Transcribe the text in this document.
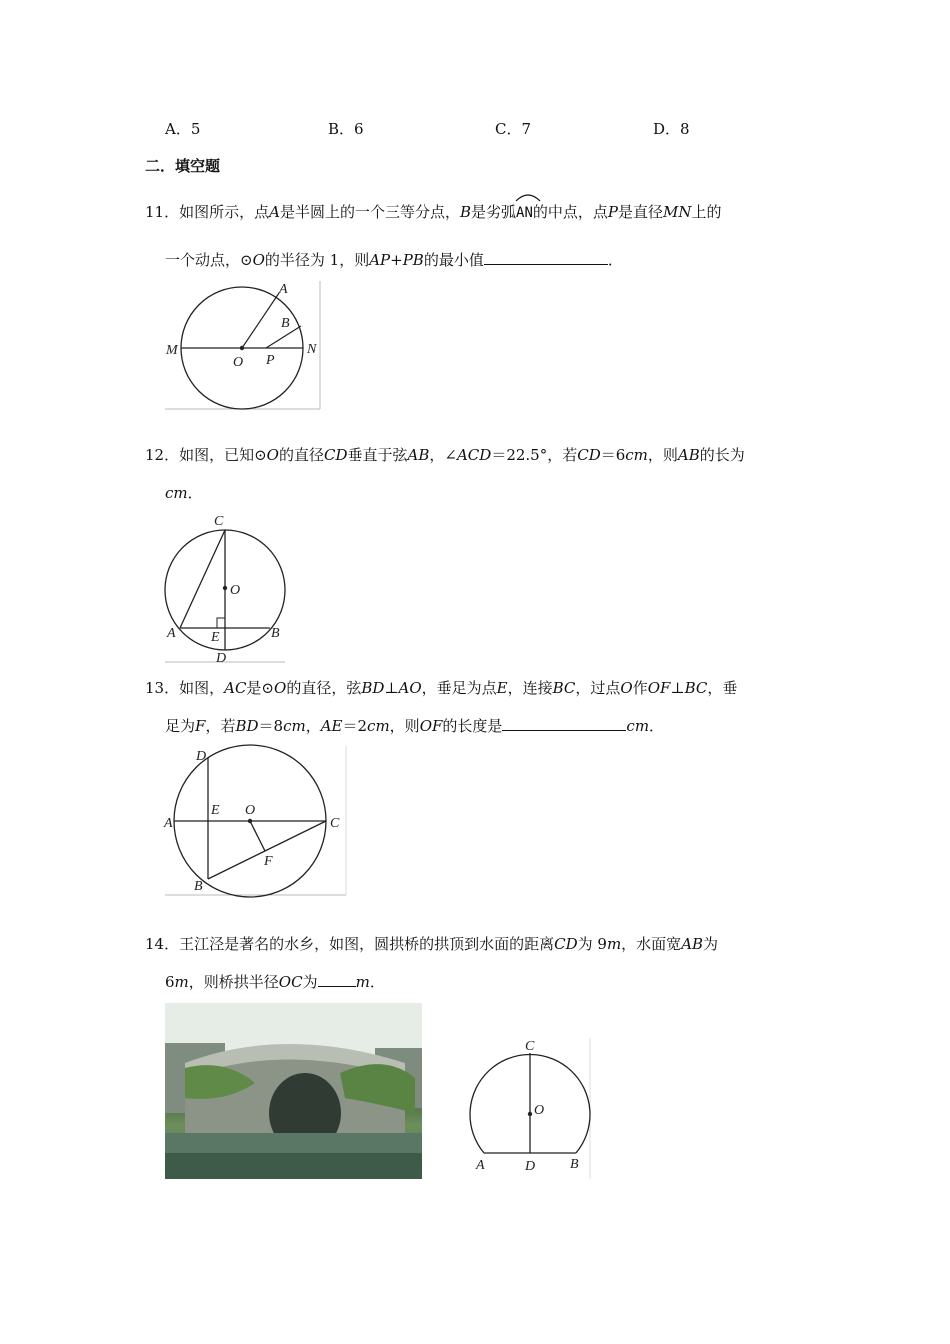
A．5	B．6	C．7	D．8
二．填空题
11．如图所示，点A是半圆上的一个三等分点，B是劣弧
AN的中点，点P是直径MN上的
一个动点，⊙O的半径为 1，则AP+PB的最小值	．
A
B
M
O P
N
12．如图，已知⊙O的直径CD垂直于弦AB，∠ACD＝22.5°，若CD＝6cm，则AB的长为
cm．
C
O
A	E	B
D
13．如图，AC是⊙O的直径，弦BD⊥AO，垂足为点E，连接BC，过点O作OF⊥BC，垂
足为F，若BD＝8cm，AE＝2cm，则OF的长度是	cm．
D
E O
A	C
F
B
14．王江泾是著名的水乡，如图，圆拱桥的拱顶到水面的距离CD为 9m，水面宽AB为
6m，则桥拱半径OC为	m．
C
O
A	D B
